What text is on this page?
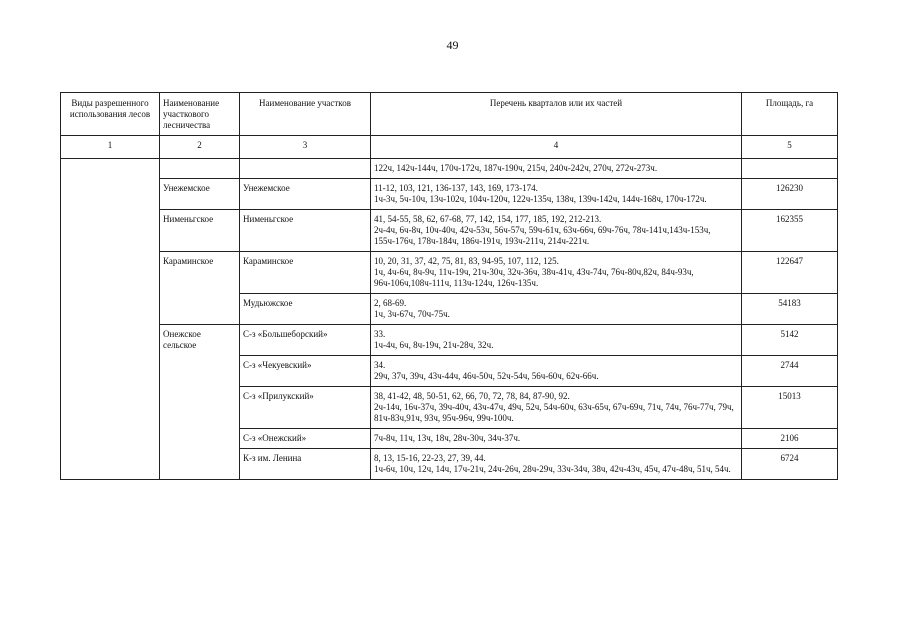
49
Виды разрешенного использования лесов	Наименование участкового лесничества	Наименование участков	Перечень кварталов или их частей	Площадь, га
1	2	3	4	5

			122ч, 142ч-144ч, 170ч-172ч, 187ч-190ч, 215ч, 240ч-242ч, 270ч, 272ч-273ч.	

	Унежемское	Унежемское	11-12, 103, 121, 136-137, 143, 169, 173-174.
1ч-3ч, 5ч-10ч, 13ч-102ч, 104ч-120ч, 122ч-135ч, 138ч, 139ч-142ч, 144ч-168ч, 170ч-172ч.	126230
	Нименьгское	Нименьгское	41, 54-55, 58, 62, 67-68, 77, 142, 154, 177, 185, 192, 212-213.
2ч-4ч, 6ч-8ч, 10ч-40ч, 42ч-53ч, 56ч-57ч, 59ч-61ч, 63ч-66ч, 69ч-76ч, 78ч-141ч,143ч-153ч, 155ч-176ч, 178ч-184ч, 186ч-191ч, 193ч-211ч, 214ч-221ч.	162355
	Караминское	Караминское	10, 20, 31, 37, 42, 75, 81, 83, 94-95, 107, 112, 125.
1ч, 4ч-6ч, 8ч-9ч, 11ч-19ч, 21ч-30ч, 32ч-36ч, 38ч-41ч, 43ч-74ч, 76ч-80ч,82ч, 84ч-93ч, 96ч-106ч,108ч-111ч, 113ч-124ч, 126ч-135ч.	122647
		Мудьюжское	2, 68-69.
1ч, 3ч-67ч, 70ч-75ч.	54183
	Онежское сельское	С-з «Большеборский»	33.
1ч-4ч, 6ч, 8ч-19ч, 21ч-28ч, 32ч.	5142
		С-з «Чекуевский»	34.
29ч, 37ч, 39ч, 43ч-44ч, 46ч-50ч, 52ч-54ч, 56ч-60ч, 62ч-66ч.	2744
		С-з «Прилукский»	38, 41-42, 48, 50-51, 62, 66, 70, 72, 78, 84, 87-90, 92.
2ч-14ч, 16ч-37ч, 39ч-40ч, 43ч-47ч, 49ч, 52ч, 54ч-60ч, 63ч-65ч, 67ч-69ч, 71ч, 74ч, 76ч-77ч, 79ч, 81ч-83ч,91ч, 93ч, 95ч-96ч, 99ч-100ч.	15013
		С-з «Онежский»	7ч-8ч, 11ч, 13ч, 18ч, 28ч-30ч, 34ч-37ч.	2106
		К-з им. Ленина	8, 13, 15-16, 22-23, 27, 39, 44.
1ч-6ч, 10ч, 12ч, 14ч, 17ч-21ч, 24ч-26ч, 28ч-29ч, 33ч-34ч, 38ч, 42ч-43ч, 45ч, 47ч-48ч, 51ч, 54ч.	6724
